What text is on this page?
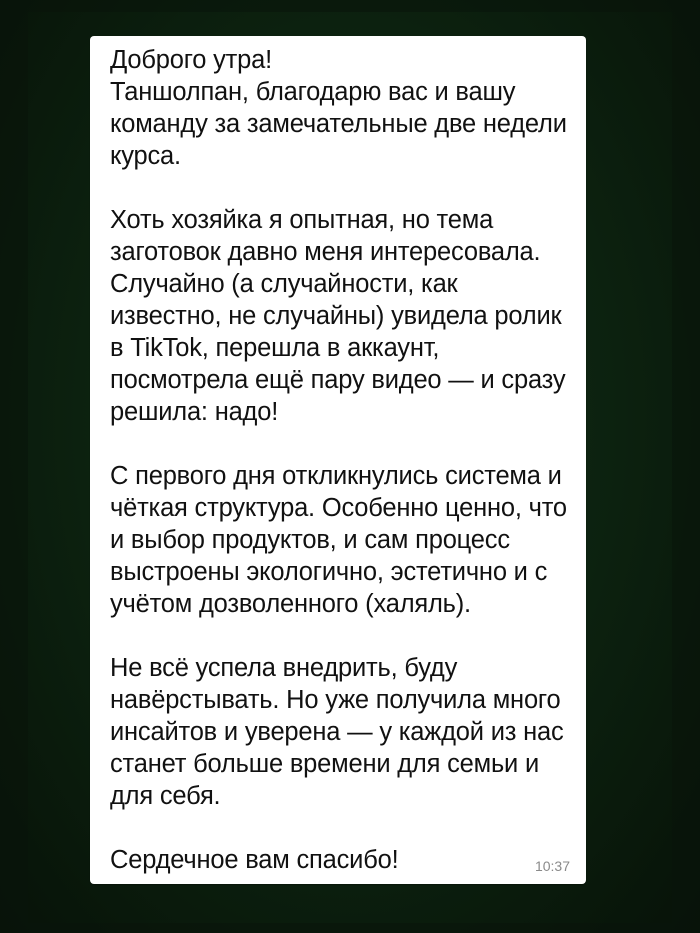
Доброго утра!
Таншолпан, благодарю вас и вашу
команду за замечательные две недели
курса.

Хоть хозяйка я опытная, но тема
заготовок давно меня интересовала.
Случайно (а случайности, как
известно, не случайны) увидела ролик
в TikTok, перешла в аккаунт,
посмотрела ещё пару видео — и сразу
решила: надо!

С первого дня откликнулись система и
чёткая структура. Особенно ценно, что
и выбор продуктов, и сам процесс
выстроены экологично, эстетично и с
учётом дозволенного (халяль).

Не всё успела внедрить, буду
навёрстывать. Но уже получила много
инсайтов и уверена — у каждой из нас
станет больше времени для семьи и
для себя.

Сердечное вам спасибо!	10:37
